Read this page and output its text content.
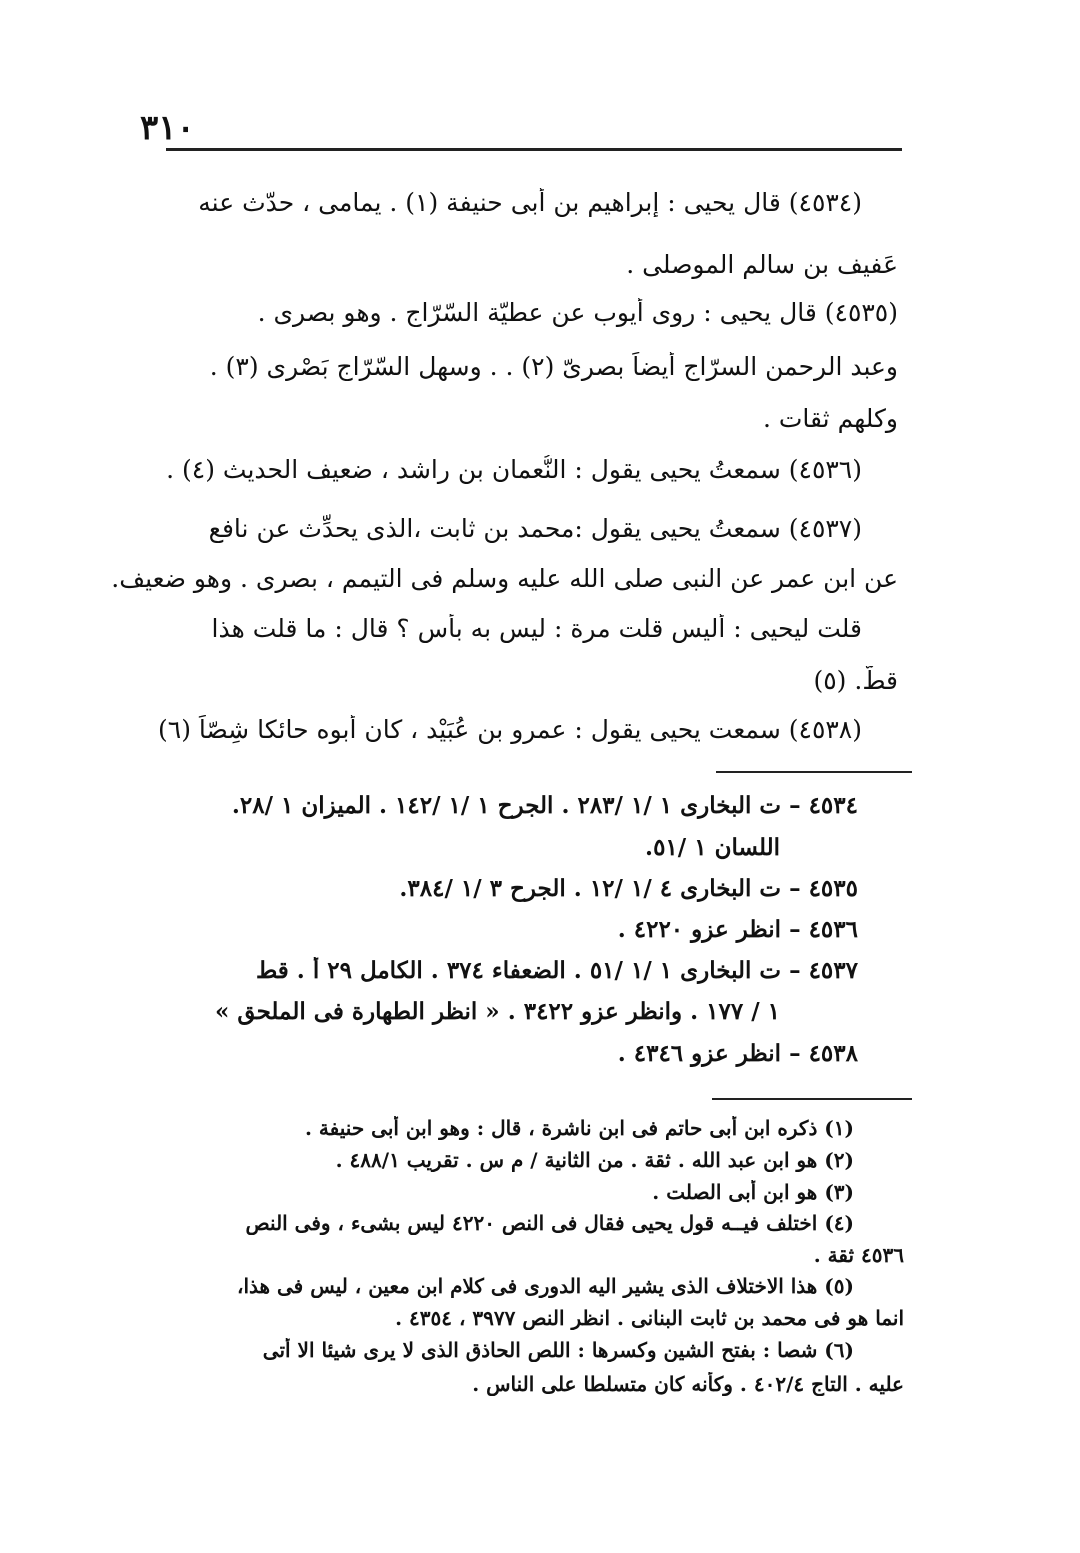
٣١٠
(٤٥٣٤) قال يحيى : إبراهيم بن أبى حنيفة (١) . يمامى ، حدّث عنه
عَفيف بن سالم الموصلى .
(٤٥٣٥) قال يحيى : روى أيوب عن عطيّة السّرّاج . وهو بصرى .
وعبد الرحمن السرّاج أيضاً بصرىّ (٢) . . وسهل السّرّاج بَصْرِى (٣) .
وكلهم ثقات .
(٤٥٣٦) سمعتُ يحيى يقول : النُّعمان بن راشد ، ضعيف الحديث (٤) .
(٤٥٣٧) سمعتُ يحيى يقول :محمد بن ثابت ،الذى يحدِّث عن نافع
عن ابن عمر عن النبى صلى الله عليه وسلم فى التيمم ، بصرى . وهو ضعيف.
قلت ليحيى : أليس قلت مرة : ليس به بأس ؟ قال : ما قلت هذا
قطُّ. (٥)
(٤٥٣٨) سمعت يحيى يقول : عمرو بن عُبَيْد ، كان أبوه حائكا شِصّاً (٦)
٤٥٣٤ – ت البخارى ١ /١ /٢٨٣ . الجرح ١ /١ /١٤٢ . الميزان ١ /٢٨.
اللسان ١ /٥١.
٤٥٣٥ – ت البخارى ٤ /١ /١٢ . الجرح ٣ /١ /٣٨٤.
٤٥٣٦ – انظر عزو ٤٢٢٠ .
٤٥٣٧ – ت البخارى ١ /١ /٥١ . الضعفاء ٣٧٤ . الكامل ٢٩ أ . قط
١ / ١٧٧ . وانظر عزو ٣٤٢٢ . « انظر الطهارة فى الملحق »
٤٥٣٨ – انظر عزو ٤٣٤٦ .
(١) ذكره ابن أبى حاتم فى ابن ناشرة ، قال : وهو ابن أبى حنيفة .
(٢) هو ابن عبد الله . ثقة . من الثانية / م س . تقريب ٤٨٨/١ .
(٣) هو ابن أبى الصلت .
(٤) اختلف فيــه قول يحيى فقال فى النص ٤٢٢٠ ليس بشىء ، وفى النص
٤٥٣٦ ثقة .
(٥) هذا الاختلاف الذى يشير اليه الدورى فى كلام ابن معين ، ليس فى هذا،
انما هو فى محمد بن ثابت البنانى . انظر النص ٣٩٧٧ ، ٤٣٥٤ .
(٦) شصا : بفتح الشين وكسرها : اللص الحاذق الذى لا يرى شيئا الا أتى
عليه . التاج ٤٠٢/٤ . وكأنه كان متسلطا على الناس .
